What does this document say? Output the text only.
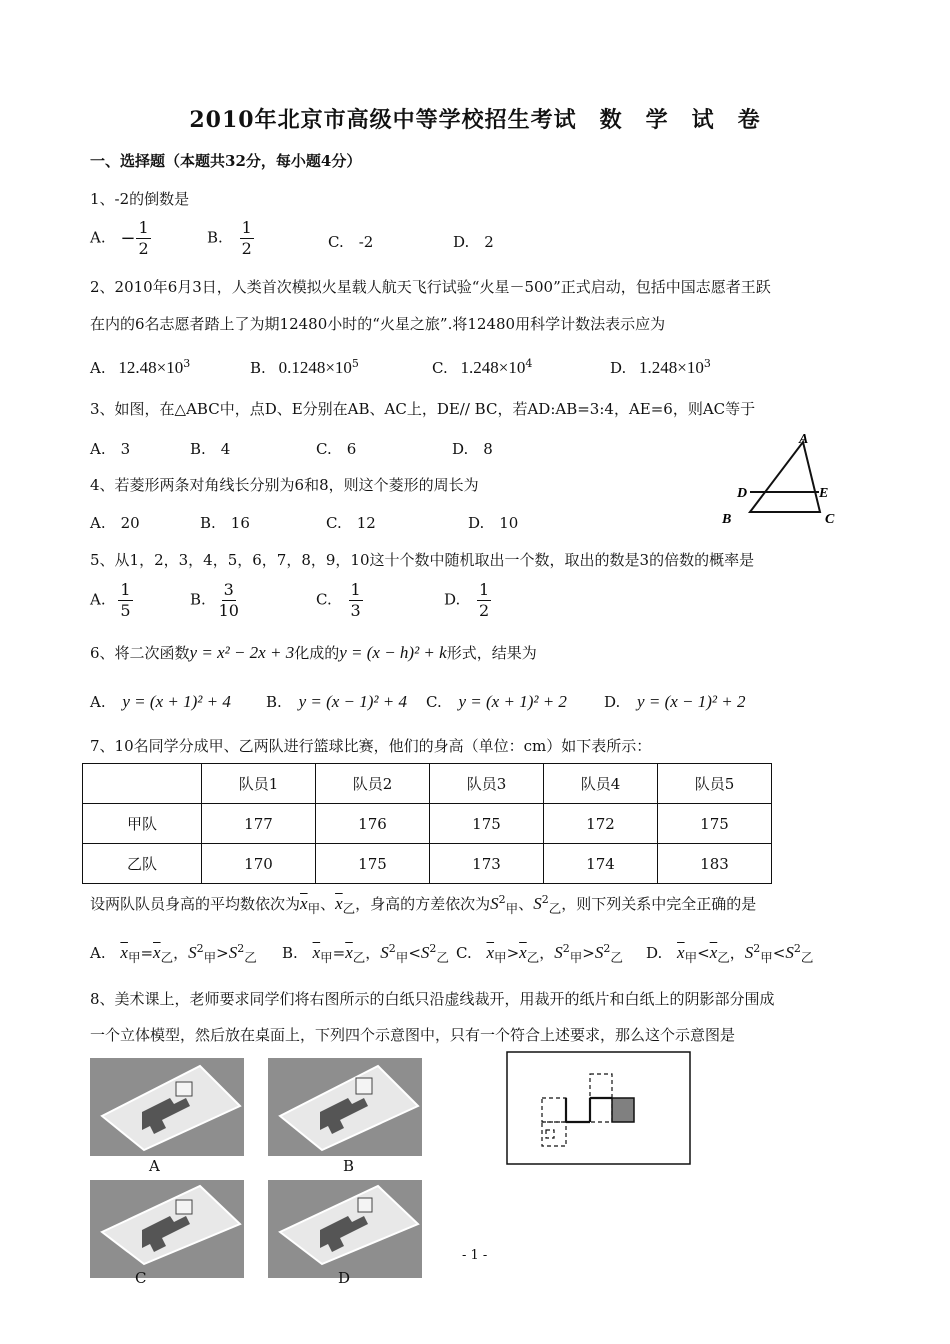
2010年北京市高级中等学校招生考试　数　学　试　卷
一、选择题（本题共32分，每小题4分）
1、-2的倒数是
A. − $\frac{1}{2}$	B. $\frac{1}{2}$	C.　-2	D.　2
2、2010年6月3日，人类首次模拟火星载人航天飞行试验“火星－500”正式启动，包括中国志愿者王跃
在内的6名志愿者踏上了为期12480小时的“火星之旅”.将12480用科学计数法表示应为
A. $12.48\times 10^3$	B. $0.1248\times 10^5$	C. $1.248\times 10^4$	D. $1.248\times 10^3$
3、如图，在△ABC中，点D、E分别在AB、AC上，DE// BC，若AD:AB=3:4，AE=6，则AC等于
A.　3	B.　4	C.　6	D.　8
A
D	E
B	C
4、若菱形两条对角线长分别为6和8，则这个菱形的周长为
A.　20	B.　16	C.　12	D.　10
5、从1，2，3，4，5，6，7，8，9，10这十个数中随机取出一个数，取出的数是3的倍数的概率是
A. $\frac{1}{5}$	B. $\frac{3}{10}$	C. $\frac{1}{3}$	D. $\frac{1}{2}$
6、将二次函数y = x² − 2x + 3化成的y = (x − h)² + k形式，结果为
A. y = (x + 1)² + 4 B. y = (x − 1)² + 4 C. y = (x + 1)² + 2 D. y = (x − 1)² + 2
7、10名同学分成甲、乙两队进行篮球比赛，他们的身高（单位：cm）如下表所示：
	队员1	队员2	队员3	队员4	队员5
甲队	177	176	175	172	175
乙队	170	175	173	174	183
设两队队员身高的平均数依次为$\overline{x}_甲$、$\overline{x}_乙$，身高的方差依次为$S^2_甲$、$S^2_乙$，则下列关系中完全正确的是
A. $\overline{x}_甲=\overline{x}_乙$，$S^2_甲>S^2_乙$ B. $\overline{x}_甲=\overline{x}_乙$，$S^2_甲<S^2_乙$ C. $\overline{x}_甲>\overline{x}_乙$，$S^2_甲>S^2_乙$ D. $\overline{x}_甲<\overline{x}_乙$，$S^2_甲<S^2_乙$
8、美术课上，老师要求同学们将右图所示的白纸只沿虚线裁开，用裁开的纸片和白纸上的阴影部分围成
一个立体模型，然后放在桌面上，下列四个示意图中，只有一个符合上述要求，那么这个示意图是
A	B
C	D
- 1 -
